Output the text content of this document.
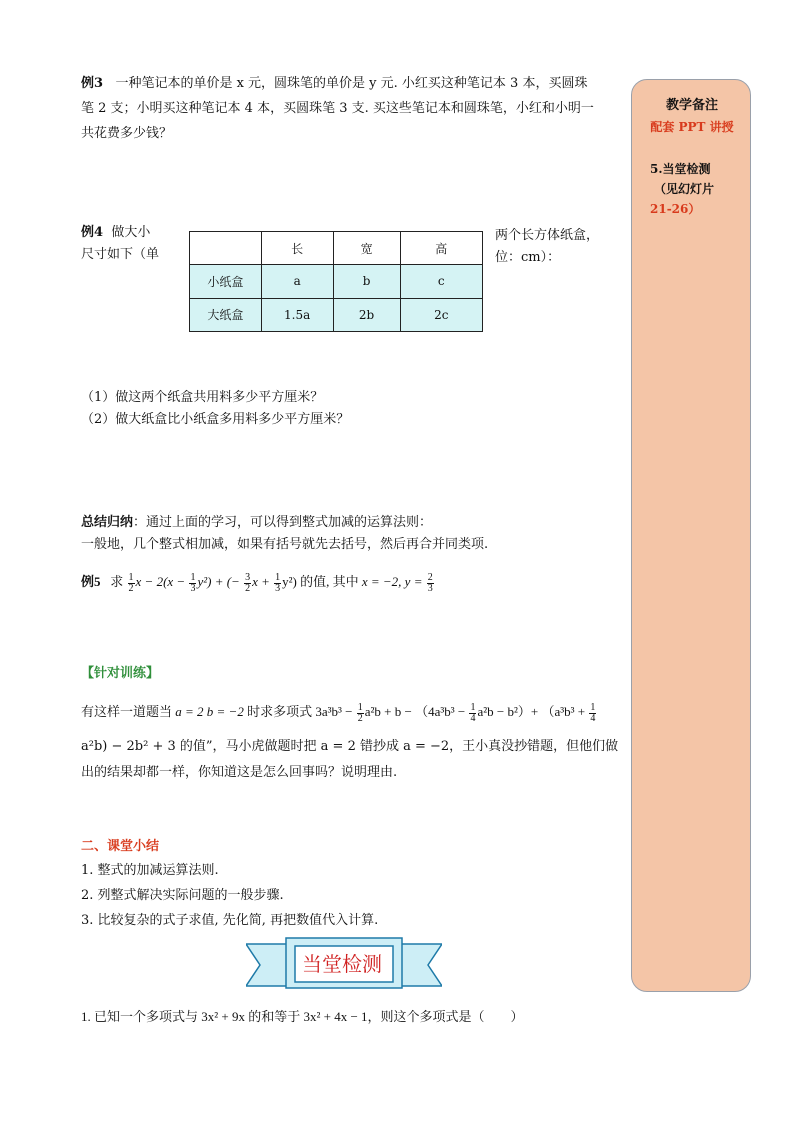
例3 一种笔记本的单价是 x 元，圆珠笔的单价是 y 元. 小红买这种笔记本 3 本，买圆珠
笔 2 支；小明买这种笔记本 4 本，买圆珠笔 3 支. 买这些笔记本和圆珠笔，小红和小明一
共花费多少钱？
例4 做大小
尺寸如下（单
两个长方体纸盒，
位：cm）：
	长	宽	高
小纸盒	a	b	c
大纸盒	1.5a	2b	2c
（1）做这两个纸盒共用料多少平方厘米？
（2）做大纸盒比小纸盒多用料多少平方厘米？
总结归纳：通过上面的学习，可以得到整式加减的运算法则：
一般地，几个整式相加减，如果有括号就先去括号，然后再合并同类项.
例5 求 $\frac{1}{2}$ $x - 2(x - \frac{1}{3} y^2)$ + (− $\frac{3}{2}$ $x + \frac{1}{3} y^2$) 的值, 其中 x = −2, $y = \frac{2}{3}$
【针对训练】
有这样一道题当 a = 2 b = −2 时求多项式 $3a^3b^3 - \frac{1}{2} a^2b + b - (4a^3b^3 - \frac{1}{4} a^2b - b^2)+ (a^3b^3 + \frac{1}{4}$
a²b) − 2b² + 3 的值”，马小虎做题时把 a = 2 错抄成 a = −2，王小真没抄错题，但他们做
出的结果却都一样，你知道这是怎么回事吗？说明理由.
二、课堂小结
1. 整式的加减运算法则.
2. 列整式解决实际问题的一般步骤.
3. 比较复杂的式子求值, 先化简, 再把数值代入计算.
当堂检测
1. 已知一个多项式与 3x² + 9x 的和等于 3x² + 4x − 1，则这个多项式是（　　）
教学备注
配套 PPT 讲授
5.当堂检测
（见幻灯片
21-26）
